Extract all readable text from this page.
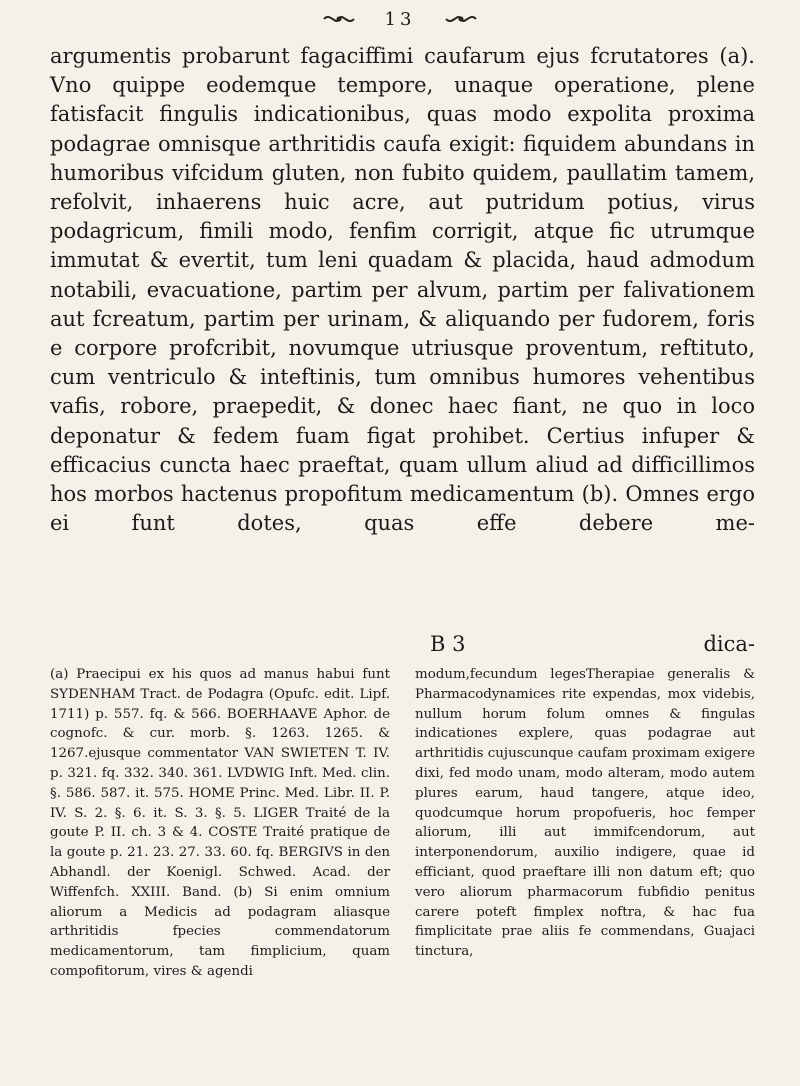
13

argumentis probarunt fagaciffimi caufarum ejus fcrutatores (a). Vno quippe eodemque tempore, unaque operatione, plene fatisfacit fingulis indicationibus, quas modo expolita proxima podagrae omnisque arthritidis caufa exigit: fiquidem abundans in humoribus vifcidum gluten, non fubito quidem, paullatim tamem, refolvit, inhaerens huic acre, aut putridum potius, virus podagricum, fimili modo, fenfim corrigit, atque fic utrumque immutat & evertit, tum leni quadam & placida, haud admodum notabili, evacuatione, partim per alvum, partim per falivationem aut fcreatum, partim per urinam, & aliquando per fudorem, foris e corpore profcribit, novumque utriusque proventum, reftituto, cum ventriculo & inteftinis, tum omnibus humores vehentibus vafis, robore, praepedit, & donec haec fiant, ne quo in loco deponatur & fedem fuam figat prohibet. Certius infuper & efficacius cuncta haec praeftat, quam ullum aliud ad difficillimos hos morbos hactenus propofitum medicamentum (b). Omnes ergo ei funt dotes, quas effe debere me-

B 3	dica-

(a) Praecipui ex his quos ad manus habui funt SYDENHAM Tract. de Podagra (Opufc. edit. Lipf. 1711) p. 557. fq. & 566. BOERHAAVE Aphor. de cognofc. & cur. morb. §. 1263. 1265. & 1267.ejusque commentator VAN SWIETEN T. IV. p. 321. fq. 332. 340. 361. LVDWIG Inft. Med. clin. §. 586. 587. it. 575. HOME Princ. Med. Libr. II. P. IV. S. 2. §. 6. it. S. 3. §. 5. LIGER Traité de la goute P. II. ch. 3 & 4. COSTE Traité pratique de la goute p. 21. 23. 27. 33. 60. fq. BERGIVS in den Abhandl. der Koenigl. Schwed. Acad. der Wiffenfch. XXIII. Band. (b) Si enim omnium aliorum a Medicis ad podagram aliasque arthritidis fpecies commendatorum medicamentorum, tam fimplicium, quam compofitorum, vires & agendi

modum,fecundum legesTherapiae generalis & Pharmacodynamices rite expendas, mox videbis, nullum horum folum omnes & fingulas indicationes explere, quas podagrae aut arthritidis cujuscunque caufam proximam exigere dixi, fed modo unam, modo alteram, modo autem plures earum, haud tangere, atque ideo, quodcumque horum propofueris, hoc femper aliorum, illi aut immifcendorum, aut interponendorum, auxilio indigere, quae id efficiant, quod praeftare illi non datum eft; quo vero aliorum pharmacorum fubfidio penitus carere poteft fimplex noftra, & hac fua fimplicitate prae aliis fe commendans, Guajaci tinctura,
